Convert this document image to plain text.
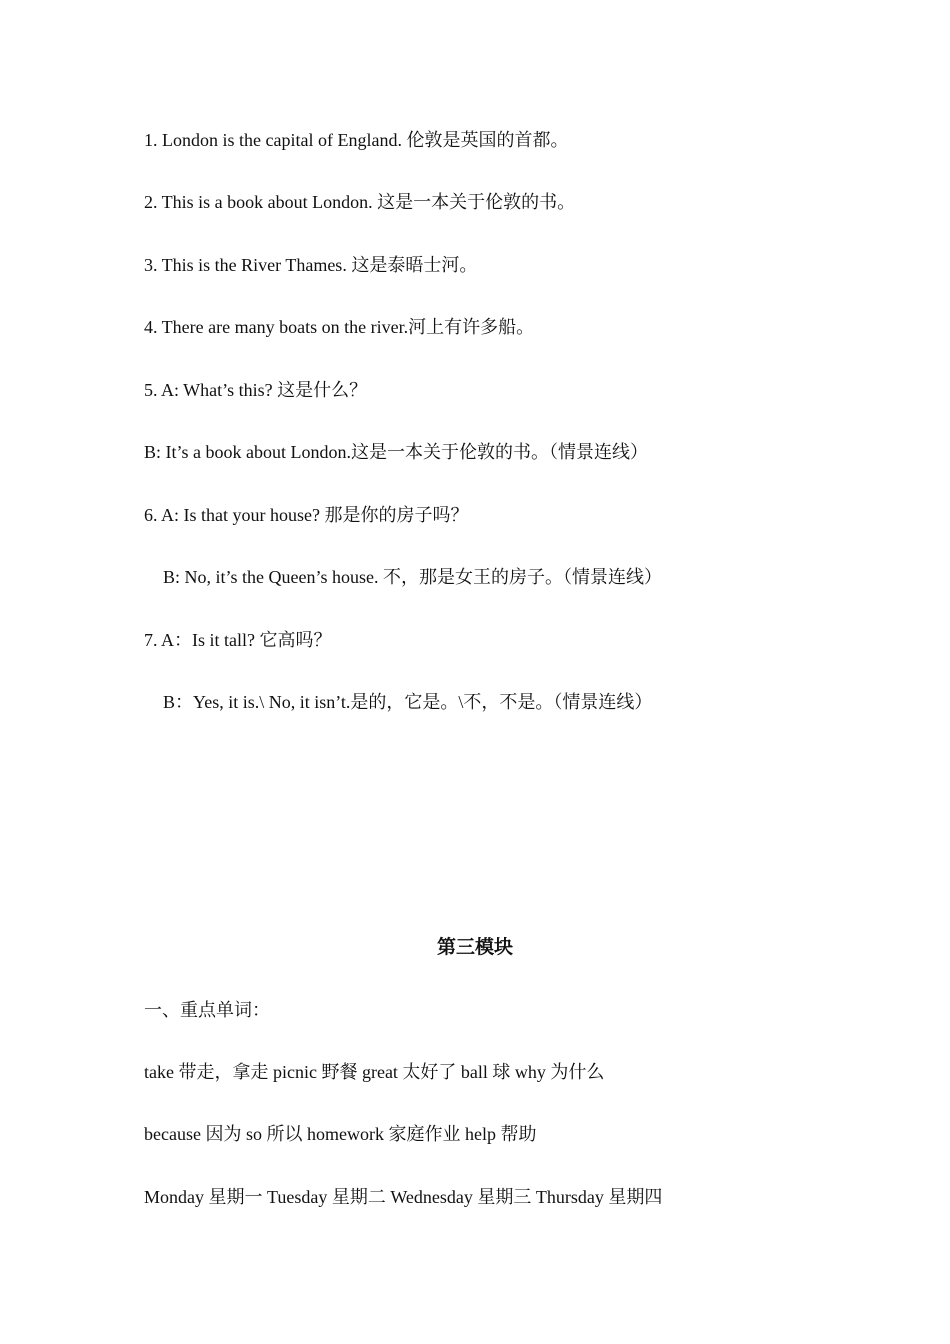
1. London is the capital of England. 伦敦是英国的首都。
2. This is a book about London. 这是一本关于伦敦的书。
3. This is the River Thames. 这是泰晤士河。
4. There are many boats on the river.河上有许多船。
5. A: What’s this? 这是什么？
B: It’s a book about London.这是一本关于伦敦的书。（情景连线）
6. A: Is that your house? 那是你的房子吗？
B: No, it’s the Queen’s house. 不，那是女王的房子。（情景连线）
7. A：Is it tall? 它高吗？
B：Yes, it is.\ No, it isn’t.是的，它是。\不，不是。（情景连线）
第三模块
一、重点单词：
take 带走，拿走 picnic 野餐 great 太好了 ball 球 why 为什么
because 因为 so 所以 homework 家庭作业 help 帮助
Monday 星期一 Tuesday 星期二 Wednesday 星期三 Thursday 星期四
